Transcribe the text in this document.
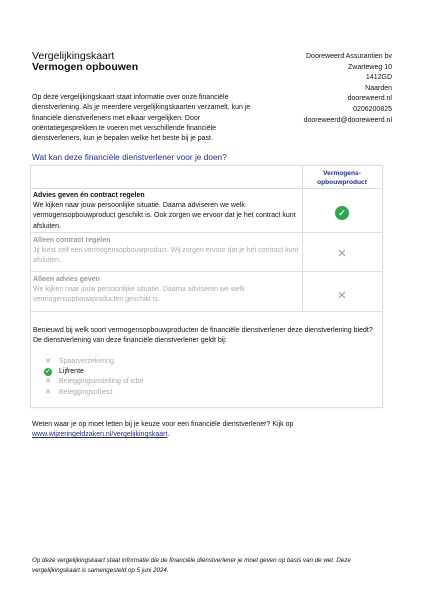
Vergelijkingskaart
Vermogen opbouwen
Dooreweerd Assurantien bv
Zwarteweg 10
1412GD
Naarden
dooreweerd.nl
0206200825
dooreweerd@dooreweerd.nl
Op deze vergelijkingskaart staat informatie over onze financiële dienstverlening. Als je meerdere vergelijkingskaarten verzamelt, kun je financiële dienstverleners met elkaar vergelijken. Door oriëntatiegesprekken te voeren met verschillende financiële dienstverleners, kun je bepalen welke het beste bij je past.
Wat kan deze financiële dienstverlener voor je doen?
Vermogens-
opbouwproduct
Advies geven én contract regelen
We kijken naar jouw persoonlijke situatie. Daarna adviseren we welk vermogensopbouwproduct geschikt is. Ook zorgen we ervoor dat je het contract kunt afsluiten.
✓
Alleen contract regelen
Jij kiest zelf een vermogensopbouwproduct. Wij zorgen ervoor dat je het contract kunt afsluiten.
✕
Alleen advies geven
We kijken naar jouw persoonlijke situatie. Daarna adviseren we welk vermogensopbouwproducten geschikt is.	✕
Benieuwd bij welk soort vermogensopbouwproducten de financiële dienstverlener deze dienstverlening biedt? De dienstverlening van deze financiële dienstverlener geldt bij:
✕ Spaarverzekering
✓	Lijfrente
✕ Beleggingsinstelling of icbe
✕ Beleggingsobject
Weten waar je op moet letten bij je keuze voor een financiële dienstverlener? Kijk op www.wijzeringeldzaken.nl/vergelijkingskaart.
Op deze vergelijkingskaart staat informatie die de financiële dienstverlener je moet geven op basis van de wet. Deze vergelijkingskaart is samengesteld op 5 juni 2024.
